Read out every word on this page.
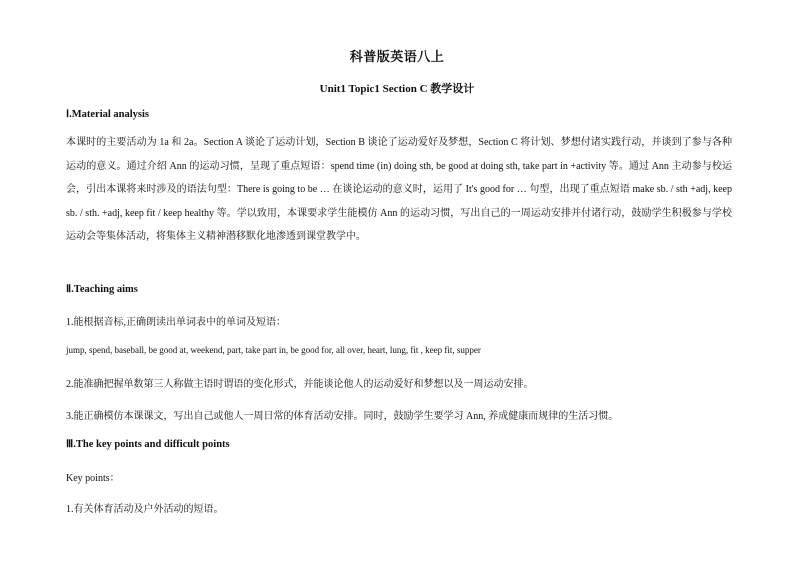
科普版英语八上
Unit1 Topic1 Section C 教学设计
Ⅰ.Material analysis
本课时的主要活动为 1a 和 2a。Section A 谈论了运动计划，Section B 谈论了运动爱好及梦想，Section C 将计划、梦想付诸实践行动，并谈到了参与各种运动的意义。通过介绍 Ann 的运动习惯，呈现了重点短语：spend time (in) doing sth, be good at doing sth, take part in +activity 等。通过 Ann 主动参与校运会，引出本课将来时涉及的语法句型：There is going to be … 在谈论运动的意义时，运用了 It's good for … 句型，出现了重点短语 make sb. / sth +adj, keep sb. / sth. +adj, keep fit / keep healthy 等。学以致用，本课要求学生能模仿 Ann 的运动习惯，写出自己的一周运动安排并付诸行动，鼓励学生积极参与学校运动会等集体活动，将集体主义精神潜移默化地渗透到课堂教学中。
Ⅱ.Teaching aims
1.能根据音标,正确朗读出单词表中的单词及短语：
jump, spend, baseball, be good at, weekend, part, take part in, be good for, all over, heart, lung, fit , keep fit, supper
2.能准确把握单数第三人称做主语时谓语的变化形式，并能谈论他人的运动爱好和梦想以及一周运动安排。
3.能正确模仿本课课文，写出自己或他人一周日常的体育活动安排。同时，鼓励学生要学习 Ann, 养成健康而规律的生活习惯。
Ⅲ.The key points and difficult points
Key points：
1.有关体育活动及户外活动的短语。
